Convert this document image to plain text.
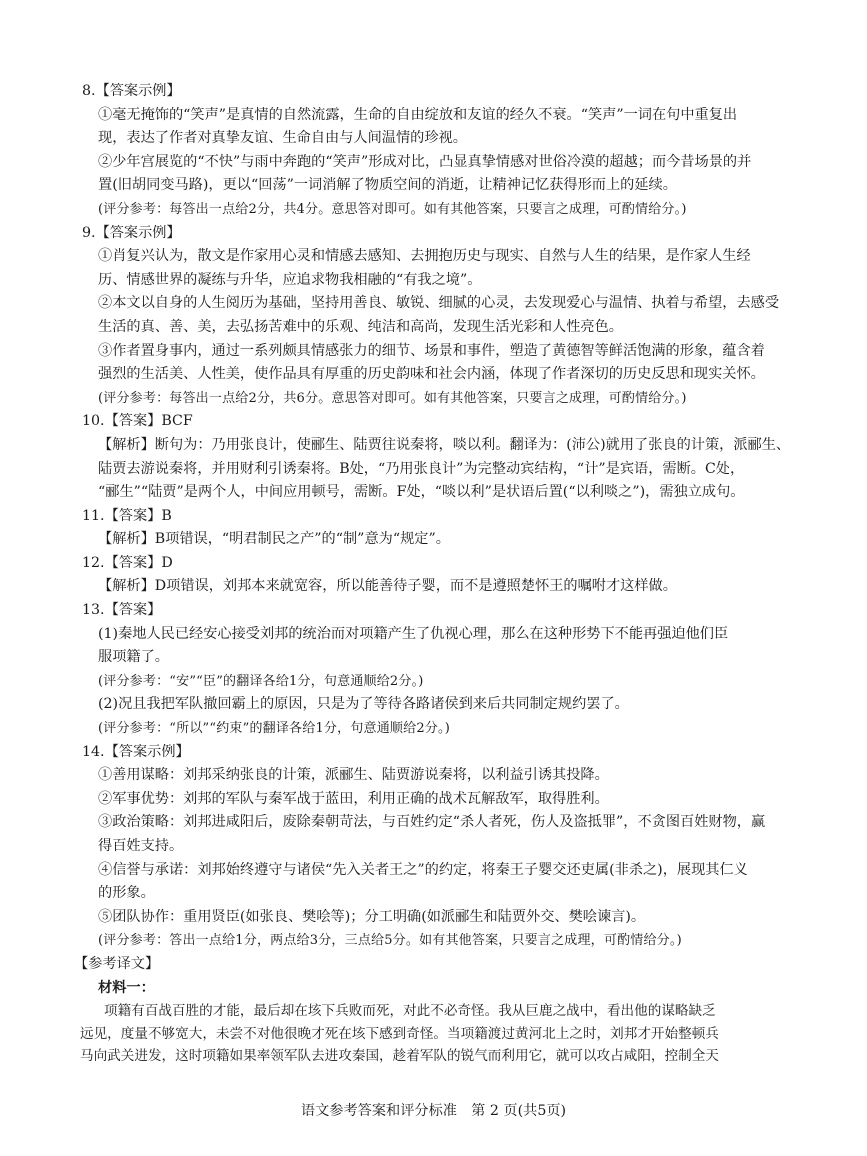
8.【答案示例】
①毫无掩饰的“笑声”是真情的自然流露，生命的自由绽放和友谊的经久不衰。“笑声”一词在句中重复出
现，表达了作者对真挚友谊、生命自由与人间温情的珍视。
②少年宫展览的“不快”与雨中奔跑的“笑声”形成对比，凸显真挚情感对世俗冷漠的超越；而今昔场景的并
置(旧胡同变马路)，更以“回荡”一词消解了物质空间的消逝，让精神记忆获得形而上的延续。
(评分参考：每答出一点给2分，共4分。意思答对即可。如有其他答案，只要言之成理，可酌情给分。)
9.【答案示例】
①肖复兴认为，散文是作家用心灵和情感去感知、去拥抱历史与现实、自然与人生的结果，是作家人生经
历、情感世界的凝练与升华，应追求物我相融的“有我之境”。
②本文以自身的人生阅历为基础，坚持用善良、敏锐、细腻的心灵，去发现爱心与温情、执着与希望，去感受
生活的真、善、美，去弘扬苦难中的乐观、纯洁和高尚，发现生活光彩和人性亮色。
③作者置身事内，通过一系列颇具情感张力的细节、场景和事件，塑造了黄德智等鲜活饱满的形象，蕴含着
强烈的生活美、人性美，使作品具有厚重的历史韵味和社会内涵，体现了作者深切的历史反思和现实关怀。
(评分参考：每答出一点给2分，共6分。意思答对即可。如有其他答案，只要言之成理，可酌情给分。)
10.【答案】BCF
【解析】断句为：乃用张良计，使郦生、陆贾往说秦将，啖以利。翻译为：(沛公)就用了张良的计策，派郦生、
陆贾去游说秦将，并用财利引诱秦将。B处，“乃用张良计”为完整动宾结构，“计”是宾语，需断。C处，
“郦生”“陆贾”是两个人，中间应用顿号，需断。F处，“啖以利”是状语后置(“以利啖之”)，需独立成句。
11.【答案】B
【解析】B项错误，“明君制民之产”的“制”意为“规定”。
12.【答案】D
【解析】D项错误，刘邦本来就宽容，所以能善待子婴，而不是遵照楚怀王的嘱咐才这样做。
13.【答案】
(1)秦地人民已经安心接受刘邦的统治而对项籍产生了仇视心理，那么在这种形势下不能再强迫他们臣
服项籍了。
(评分参考：“安”“臣”的翻译各给1分，句意通顺给2分。)
(2)况且我把军队撤回霸上的原因，只是为了等待各路诸侯到来后共同制定规约罢了。
(评分参考：“所以”“约束”的翻译各给1分，句意通顺给2分。)
14.【答案示例】
①善用谋略：刘邦采纳张良的计策，派郦生、陆贾游说秦将，以利益引诱其投降。
②军事优势：刘邦的军队与秦军战于蓝田，利用正确的战术瓦解敌军，取得胜利。
③政治策略：刘邦进咸阳后，废除秦朝苛法，与百姓约定“杀人者死，伤人及盗抵罪”，不贪图百姓财物，赢
得百姓支持。
④信誉与承诺：刘邦始终遵守与诸侯“先入关者王之”的约定，将秦王子婴交还吏属(非杀之)，展现其仁义
的形象。
⑤团队协作：重用贤臣(如张良、樊哙等)；分工明确(如派郦生和陆贾外交、樊哙谏言)。
(评分参考：答出一点给1分，两点给3分，三点给5分。如有其他答案，只要言之成理，可酌情给分。)
【参考译文】
材料一：
项籍有百战百胜的才能，最后却在垓下兵败而死，对此不必奇怪。我从巨鹿之战中，看出他的谋略缺乏
远见，度量不够宽大，未尝不对他很晚才死在垓下感到奇怪。当项籍渡过黄河北上之时，刘邦才开始整顿兵
马向武关进发，这时项籍如果率领军队去进攻秦国，趁着军队的锐气而利用它，就可以攻占咸阳，控制全天
语文参考答案和评分标准　第 2 页(共5页)
